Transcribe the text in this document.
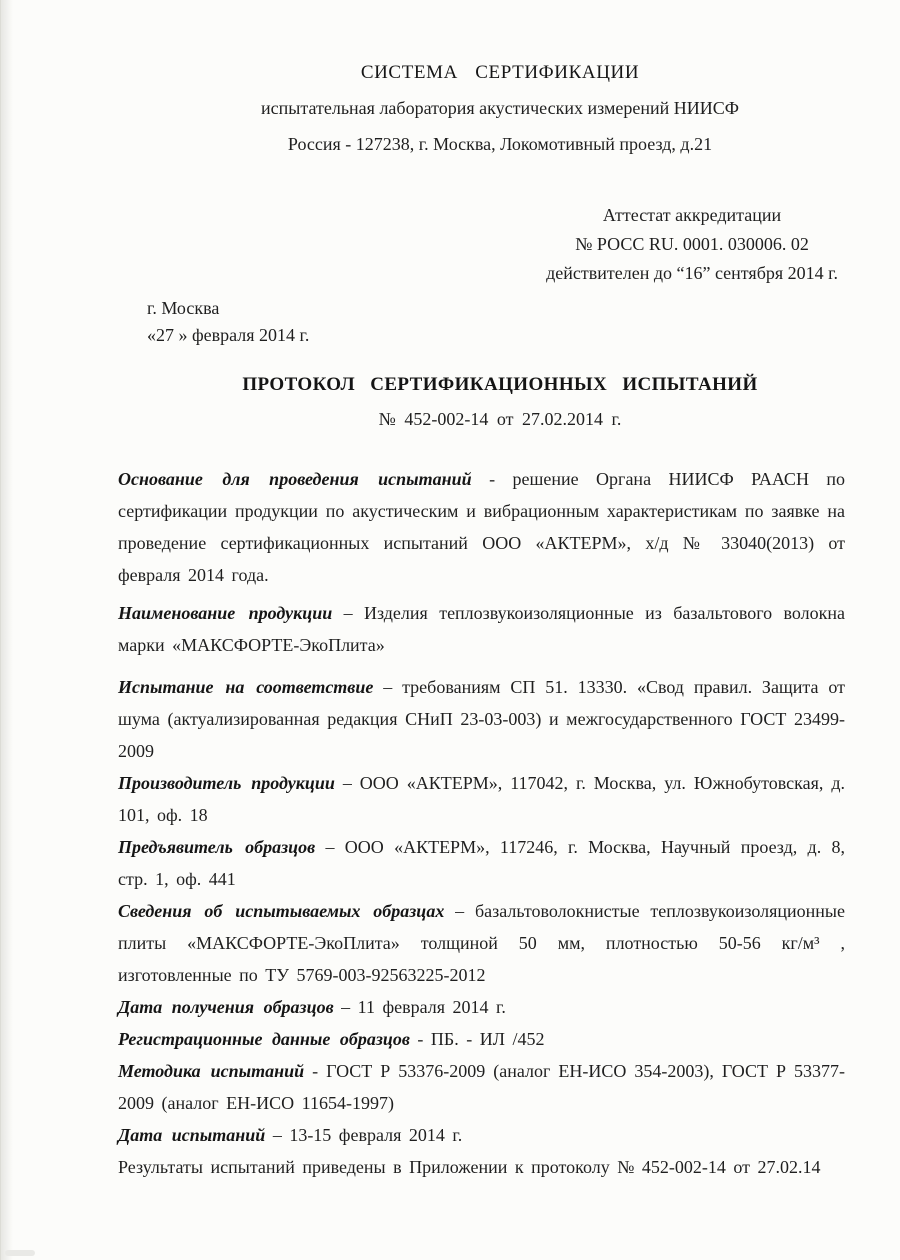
СИСТЕМА СЕРТИФИКАЦИИ
испытательная лаборатория акустических измерений НИИСФ
Россия - 127238, г. Москва, Локомотивный проезд, д.21
Аттестат аккредитации
№ РОСС RU. 0001. 030006. 02
действителен до “16” сентября 2014 г.
г. Москва
«27 » февраля 2014 г.
ПРОТОКОЛ СЕРТИФИКАЦИОННЫХ ИСПЫТАНИЙ
№ 452-002-14 от 27.02.2014 г.

Основание для проведения испытаний - решение Органа НИИСФ РААСН по сертификации продукции по акустическим и вибрационным характеристикам по заявке на проведение сертификационных испытаний ООО «АКТЕРМ», х/д № 33040(2013) от февраля 2014 года.

Наименование продукции – Изделия теплозвукоизоляционные из базальтового волокна марки «МАКСФОРТЕ-ЭкоПлита»

Испытание на соответствие – требованиям СП 51. 13330. «Свод правил. Защита от шума (актуализированная редакция СНиП 23-03-003) и межгосударственного ГОСТ 23499-2009

Производитель продукции – ООО «АКТЕРМ», 117042, г. Москва, ул. Южнобутовская, д. 101, оф. 18

Предъявитель образцов – ООО «АКТЕРМ», 117246, г. Москва, Научный проезд, д. 8, стр. 1, оф. 441

Сведения об испытываемых образцах – базальтоволокнистые теплозвукоизоляционные плиты «МАКСФОРТЕ-ЭкоПлита» толщиной 50 мм, плотностью 50-56 кг/м³ , изготовленные по ТУ 5769-003-92563225-2012

Дата получения образцов – 11 февраля 2014 г.

Регистрационные данные образцов - ПБ. - ИЛ /452

Методика испытаний - ГОСТ Р 53376-2009 (аналог ЕН-ИСО 354-2003), ГОСТ Р 53377-2009 (аналог ЕН-ИСО 11654-1997)

Дата испытаний – 13-15 февраля 2014 г.

Результаты испытаний приведены в Приложении к протоколу № 452-002-14 от 27.02.14
